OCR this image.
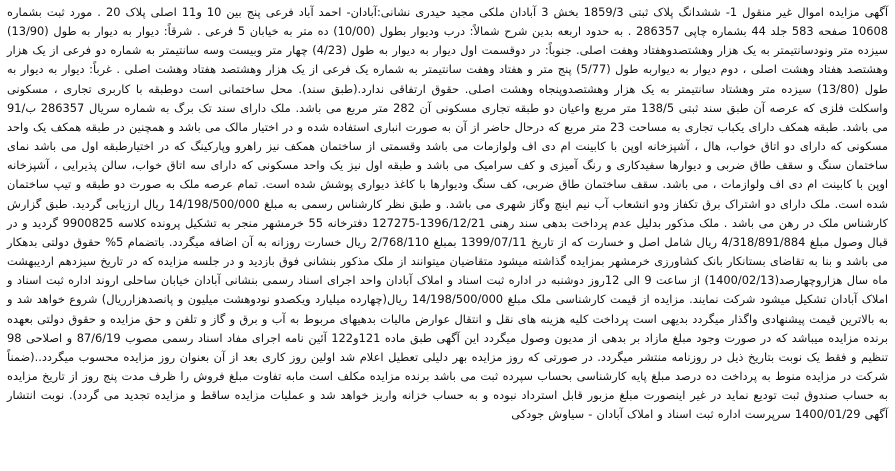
آگهی مزایده اموال غیر منقول 1- ششدانگ پلاک ثبتی 1859/3 بخش 3 آبادان ملکی مجید حیدری نشانی:آبادان- احمد آباد فرعی پنج بین 10 و11 اصلی پلاک 20 . مورد ثبت بشماره 10608 صفحه 583 جلد 44 بشماره چاپی 286357 . به حدود اربعه بدین شرح شمالاً: درب ودیوار بطول (10/00) ده متر به خیابان 5 فرعی . شرقاً: دیوار به دیوار به طول (13/90) سیزده متر ونودسانتیمتر به یک هزار وهشتصدوهفتاد وهفت اصلی. جنوباً: در دوقسمت اول دیوار به دیوار به طول (4/23) چهار متر وبیست وسه سانتیمتر به شماره دو فرعی از یک هزار وهشتصد هفتاد وهشت اصلی ، دوم دیوار به دیواربه طول (5/77) پنج متر و هفتاد وهفت سانتیمتر به شماره یک فرعی از یک هزار وهشتصد هفتاد وهشت اصلی . غرباً: دیوار به دیوار به طول (13/80) سیزده متر وهشتاد سانتیمتر به یک هزار وهشتصدوپنجاه وهشت اصلی. حقوق ارتفاقی ندارد.(طبق سند). محل ساختمانی است دوطبقه با کاربری تجاری ، مسکونی واسکلت فلزی که عرصه آن طبق سند ثبتی 138/5 متر مربع واعیان دو طبقه تجاری مسکونی آن 282 متر مربع می باشد. ملک دارای سند تک برگ به شماره سریال 286357 ب/91 می باشد. طبقه همکف دارای یکباب تجاری به مساحت 23 متر مربع که درحال حاضر از آن به صورت انباری استفاده شده و در اختیار مالک می باشد و همچنین در طبقه همکف یک واحد مسکونی که دارای دو اتاق خواب، هال ، آشپزخانه اوپن با کابینت ام دی اف ولوازمات می باشد وقسمتی از ساختمان همکف نیز راهرو وپارکینگ که در اختیارطبقه اول می باشد نمای ساختمان سنگ و سقف طاق ضربی و دیوارها سفیدکاری و رنگ آمیزی و کف سرامیک می باشد و طبقه اول نیز یک واحد مسکونی که دارای سه اتاق خواب، سالن پذیرایی ، آشپزخانه اوپن با کابینت ام دی اف ولوازمات ، می باشد. سقف ساختمان طاق ضربی، کف سنگ ودیوارها با کاغذ دیواری پوشش شده است. تمام عرصه ملک به صورت دو طبقه و تیپ ساختمان شده است. ملک دارای دو اشتراک برق تکفاز ودو انشعاب آب نیم اینچ وگاز شهری می باشد. و طبق نظر کارشناس رسمی به مبلغ 14/198/500/000 ریال ارزیابی گردید. طبق گزارش کارشناس ملک در رهن می باشد . ملک مذکور بدلیل عدم پرداخت بدهی سند رهنی 1396/12/21-127275 دفترخانه 55 خرمشهر منجر به تشکیل پرونده کلاسه 9900825 گردید و در قبال وصول مبلغ 4/318/891/884 ریال شامل اصل و خسارت که از تاریخ 1399/07/11 بمبلغ 2/768/110 ریال خسارت روزانه به آن اضافه میگردد. باتضمام 5% حقوق دولتی بدهکار می باشد و بنا به تقاضای بستانکار بانک کشاورزی خرمشهر بمزایده گذاشته میشود متقاضیان میتوانند از ملک مذکور بنشانی فوق بازدید و در جلسه مزایده که در تاریخ سیزدهم اردیبهشت ماه سال هزاروچهارصد(1400/02/13) از ساعت 9 الی 12روز دوشنبه در اداره ثبت اسناد و املاک آبادان واحد اجرای اسناد رسمی بنشانی آبادان خیابان ساحلی اروند اداره ثبت اسناد و املاک آبادان تشکیل میشود شرکت نمایند. مزایده از قیمت کارشناسی ملک مبلغ 14/198/500/000 ریال(چهارده میلیارد ویکصدو نودوهشت میلیون و پانصدهزارریال) شروع خواهد شد و به بالاترین قیمت پیشنهادی واگذار میگردد بدیهی است پرداخت کلیه هزینه های نقل و انتقال عوارض مالیات بدهیهای مربوط به آب و برق و گاز و تلفن و حق مزایده و حقوق دولتی بعهده برنده مزایده میباشد که در صورت وجود مبلغ مازاد بر بدهی از مدیون وصول میگردد این آگهی طبق ماده 121و122 آئین نامه اجرای مفاد اسناد رسمی مصوب 87/6/19 و اصلاحی 98 تنظیم و فقط یک نوبت بتاریخ ذیل در روزنامه منتشر میگردد. در صورتی که روز مزایده بهر دلیلی تعطیل اعلام شد اولین روز کاری بعد از آن بعنوان روز مزایده محسوب میگردد..(ضمناً شرکت در مزایده منوط به پرداخت ده درصد مبلغ پایه کارشناسی بحساب سپرده ثبت می باشد برنده مزایده مکلف است مابه تفاوت مبلغ فروش را ظرف مدت پنج روز از تاریخ مزایده به حساب صندوق ثبت تودیع نماید در غیر اینصورت مبلغ مزبور قابل استرداد نبوده و به حساب خزانه واریز خواهد شد و عملیات مزایده ساقط و مزایده تجدید می گردد). نوبت انتشار آگهی 1400/01/29 سرپرست اداره ثبت اسناد و املاک آبادان - سیاوش جودکی
